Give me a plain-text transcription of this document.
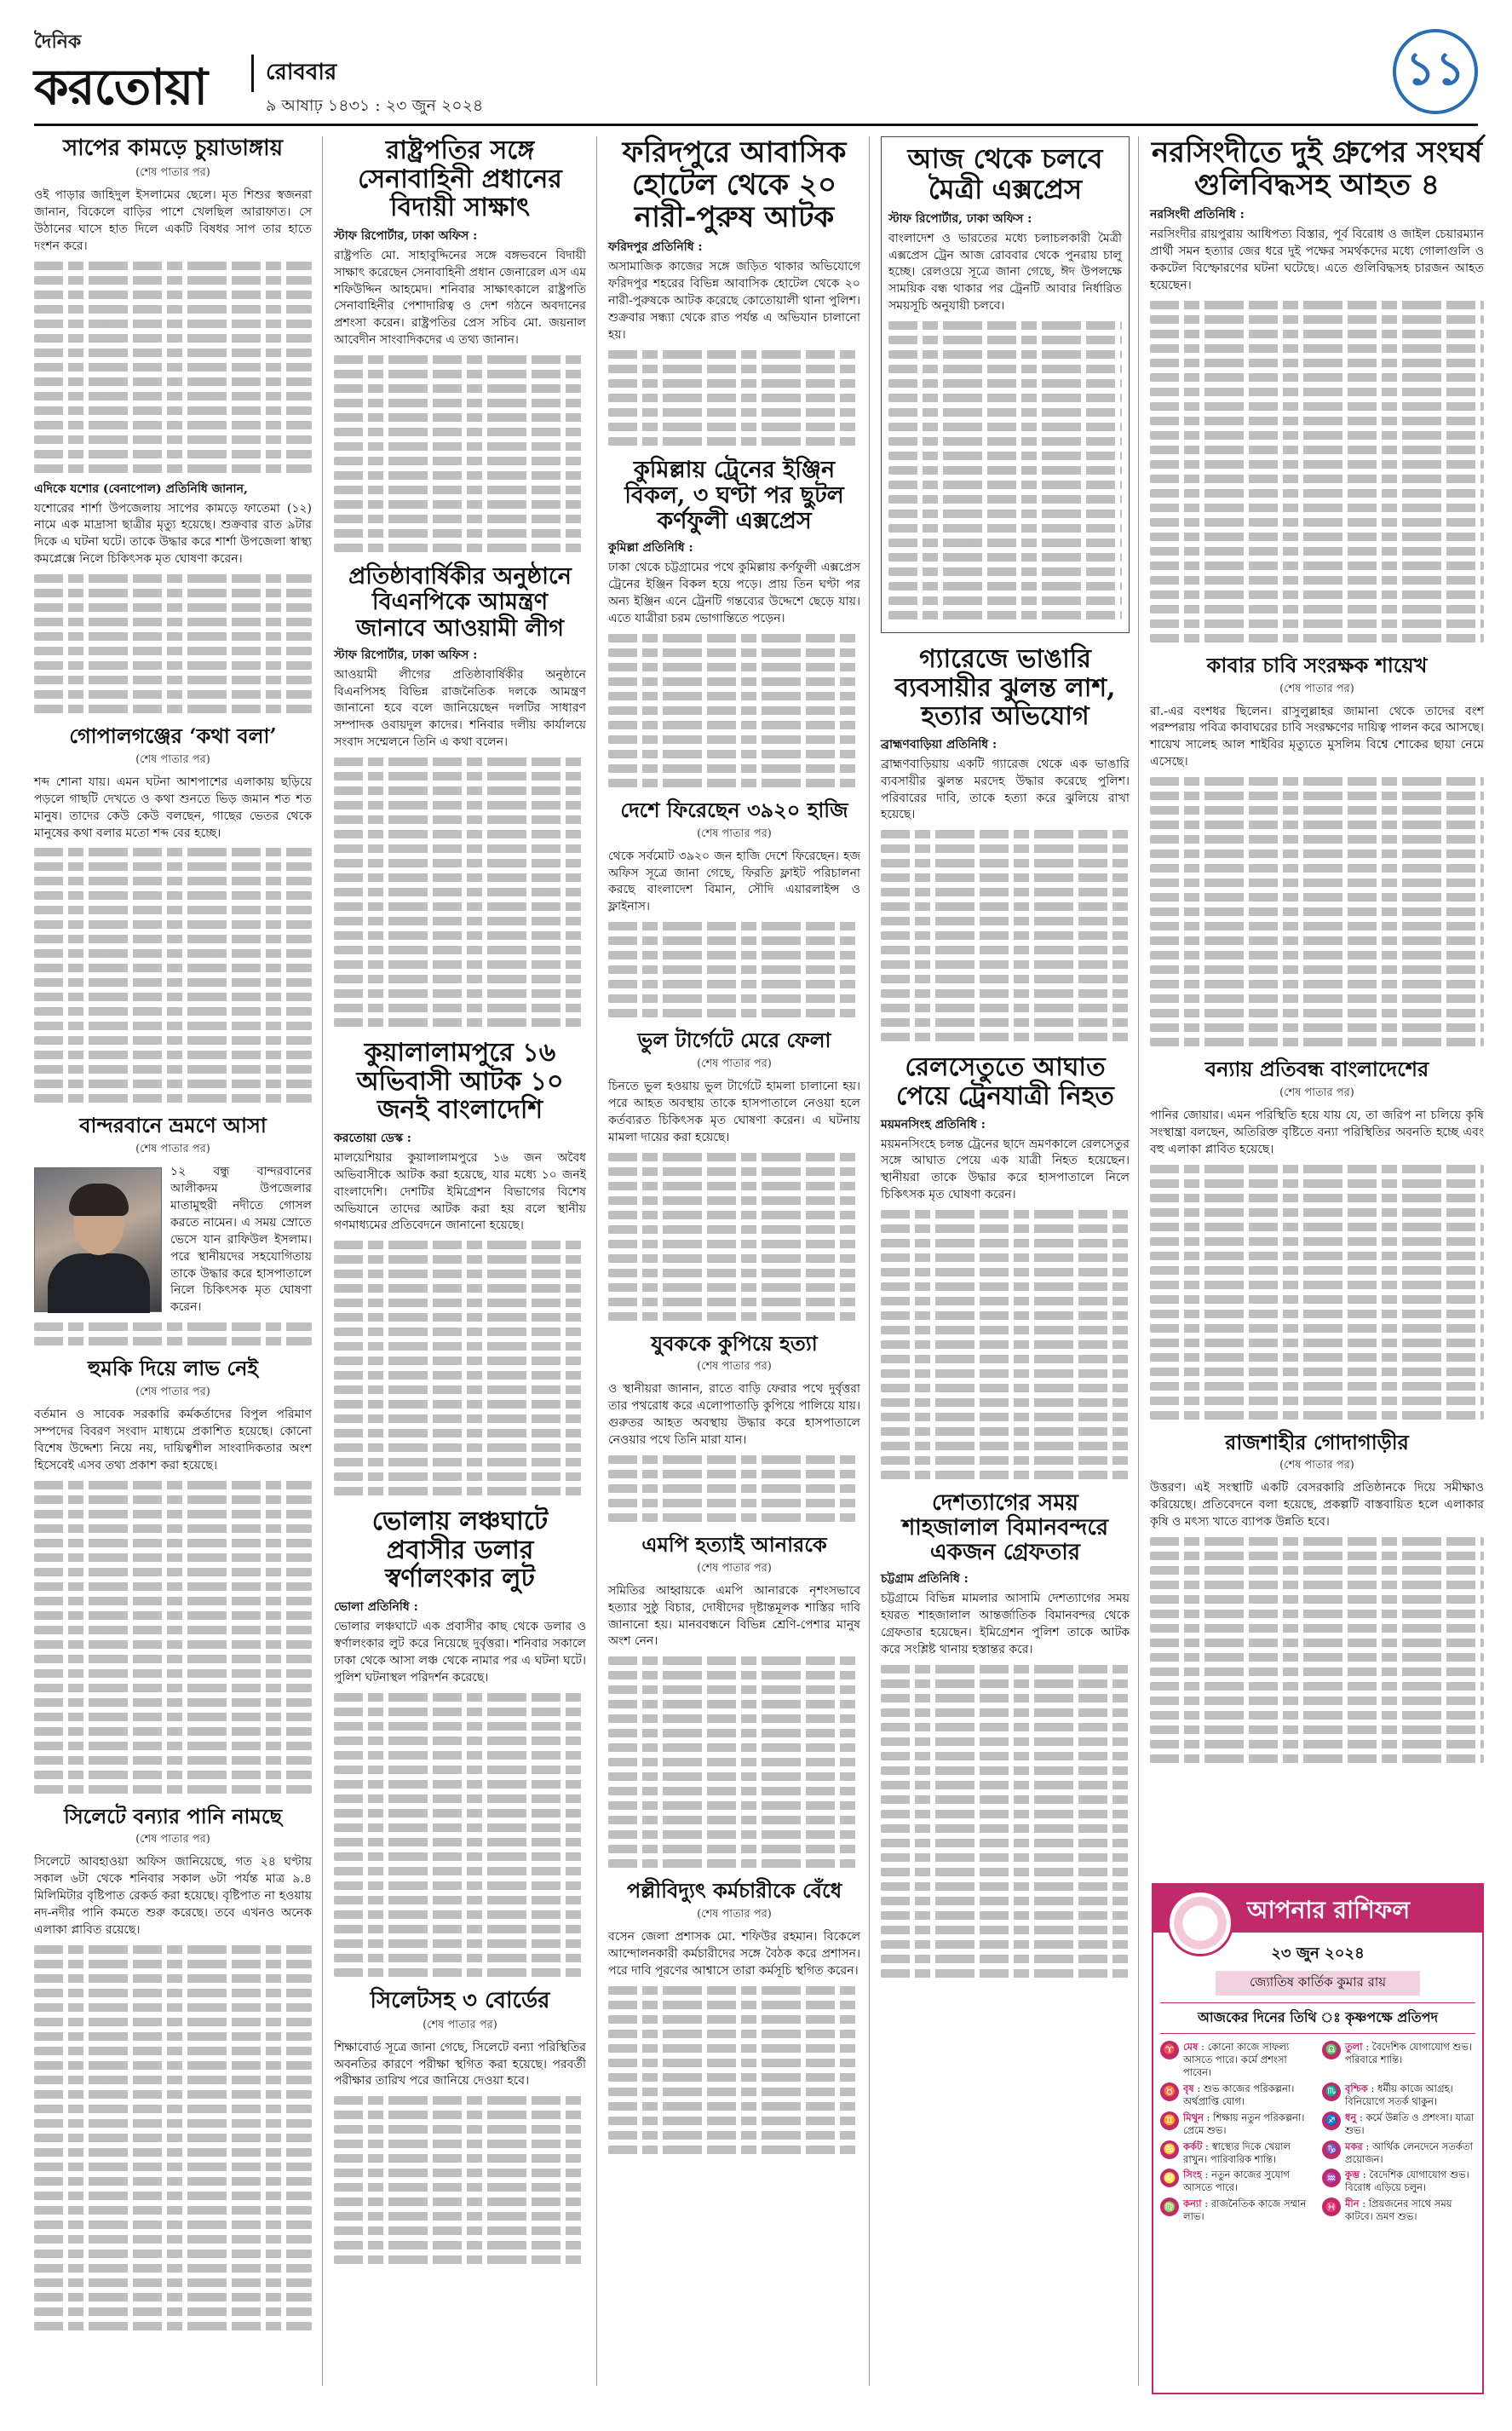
দৈনিক
করতোয়া	রোববার
৯ আষাঢ় ১৪৩১ : ২৩ জুন ২০২৪
১১
সাপের কামড়ে চুয়াডাঙ্গায়
(শেষ পাতার পর)

ওই পাড়ার জাহিদুল ইসলামের ছেলে। মৃত শিশুর স্বজনরা জানান, বিকেলে বাড়ির পাশে খেলছিল আরাফাত। সে উঠানের ঘাসে হাত দিলে একটি বিষধর সাপ তার হাতে দংশন করে।

এদিকে যশোর (বেনাপোল) প্রতিনিধি জানান,

যশোরের শার্শা উপজেলায় সাপের কামড়ে ফাতেমা (১২) নামে এক মাদ্রাসা ছাত্রীর মৃত্যু হয়েছে। শুক্রবার রাত ৯টার দিকে এ ঘটনা ঘটে। তাকে উদ্ধার করে শার্শা উপজেলা স্বাস্থ্য কমপ্লেক্সে নিলে চিকিৎসক মৃত ঘোষণা করেন।

গোপালগঞ্জের ‘কথা বলা’
(শেষ পাতার পর)

শব্দ শোনা যায়। এমন ঘটনা আশপাশের এলাকায় ছড়িয়ে পড়লে গাছটি দেখতে ও কথা শুনতে ভিড় জমান শত শত মানুষ। তাদের কেউ কেউ বলছেন, গাছের ভেতর থেকে মানুষের কথা বলার মতো শব্দ বের হচ্ছে।

বান্দরবানে ভ্রমণে আসা
(শেষ পাতার পর)

১২ বন্ধু বান্দরবানের আলীকদম উপজেলার মাতামুহুরী নদীতে গোসল করতে নামেন। এ সময় স্রোতে ভেসে যান রাফিউল ইসলাম। পরে স্থানীয়দের সহযোগিতায় তাকে উদ্ধার করে হাসপাতালে নিলে চিকিৎসক মৃত ঘোষণা করেন।

হুমকি দিয়ে লাভ নেই
(শেষ পাতার পর)

বর্তমান ও সাবেক সরকারি কর্মকর্তাদের বিপুল পরিমাণ সম্পদের বিবরণ সংবাদ মাধ্যমে প্রকাশিত হয়েছে। কোনো বিশেষ উদ্দেশ্য নিয়ে নয়, দায়িত্বশীল সাংবাদিকতার অংশ হিসেবেই এসব তথ্য প্রকাশ করা হয়েছে।

সিলেটে বন্যার পানি নামছে
(শেষ পাতার পর)

সিলেটে আবহাওয়া অফিস জানিয়েছে, গত ২৪ ঘণ্টায় সকাল ৬টা থেকে শনিবার সকাল ৬টা পর্যন্ত মাত্র ৯.৪ মিলিমিটার বৃষ্টিপাত রেকর্ড করা হয়েছে। বৃষ্টিপাত না হওয়ায় নদ-নদীর পানি কমতে শুরু করেছে। তবে এখনও অনেক এলাকা প্লাবিত রয়েছে।

রাষ্ট্রপতির সঙ্গে সেনাবাহিনী প্রধানের বিদায়ী সাক্ষাৎ
স্টাফ রিপোর্টার, ঢাকা অফিস :

রাষ্ট্রপতি মো. সাহাবুদ্দিনের সঙ্গে বঙ্গভবনে বিদায়ী সাক্ষাৎ করেছেন সেনাবাহিনী প্রধান জেনারেল এস এম শফিউদ্দিন আহমেদ। শনিবার সাক্ষাৎকালে রাষ্ট্রপতি সেনাবাহিনীর পেশাদারিত্ব ও দেশ গঠনে অবদানের প্রশংসা করেন। রাষ্ট্রপতির প্রেস সচিব মো. জয়নাল আবেদীন সাংবাদিকদের এ তথ্য জানান।

প্রতিষ্ঠাবার্ষিকীর অনুষ্ঠানে বিএনপিকে আমন্ত্রণ জানাবে আওয়ামী লীগ
স্টাফ রিপোর্টার, ঢাকা অফিস :

আওয়ামী লীগের প্রতিষ্ঠাবার্ষিকীর অনুষ্ঠানে বিএনপিসহ বিভিন্ন রাজনৈতিক দলকে আমন্ত্রণ জানানো হবে বলে জানিয়েছেন দলটির সাধারণ সম্পাদক ওবায়দুল কাদের। শনিবার দলীয় কার্যালয়ে সংবাদ সম্মেলনে তিনি এ কথা বলেন।

কুয়ালালামপুরে ১৬ অভিবাসী আটক ১০ জনই বাংলাদেশি
করতোয়া ডেস্ক :

মালয়েশিয়ার কুয়ালালামপুরে ১৬ জন অবৈধ অভিবাসীকে আটক করা হয়েছে, যার মধ্যে ১০ জনই বাংলাদেশি। দেশটির ইমিগ্রেশন বিভাগের বিশেষ অভিযানে তাদের আটক করা হয় বলে স্থানীয় গণমাধ্যমের প্রতিবেদনে জানানো হয়েছে।

ভোলায় লঞ্চঘাটে প্রবাসীর ডলার স্বর্ণালংকার লুট
ভোলা প্রতিনিধি :

ভোলার লঞ্চঘাটে এক প্রবাসীর কাছ থেকে ডলার ও স্বর্ণালংকার লুট করে নিয়েছে দুর্বৃত্তরা। শনিবার সকালে ঢাকা থেকে আসা লঞ্চ থেকে নামার পর এ ঘটনা ঘটে। পুলিশ ঘটনাস্থল পরিদর্শন করেছে।

সিলেটসহ ৩ বোর্ডের
(শেষ পাতার পর)

শিক্ষাবোর্ড সূত্রে জানা গেছে, সিলেটে বন্যা পরিস্থিতির অবনতির কারণে পরীক্ষা স্থগিত করা হয়েছে। পরবর্তী পরীক্ষার তারিখ পরে জানিয়ে দেওয়া হবে।

ফরিদপুরে আবাসিক হোটেল থেকে ২০ নারী-পুরুষ আটক
ফরিদপুর প্রতিনিধি :

অসামাজিক কাজের সঙ্গে জড়িত থাকার অভিযোগে ফরিদপুর শহরের বিভিন্ন আবাসিক হোটেল থেকে ২০ নারী-পুরুষকে আটক করেছে কোতোয়ালী থানা পুলিশ। শুক্রবার সন্ধ্যা থেকে রাত পর্যন্ত এ অভিযান চালানো হয়।

কুমিল্লায় ট্রেনের ইঞ্জিন বিকল, ৩ ঘণ্টা পর ছুটল কর্ণফুলী এক্সপ্রেস
কুমিল্লা প্রতিনিধি :

ঢাকা থেকে চট্টগ্রামের পথে কুমিল্লায় কর্ণফুলী এক্সপ্রেস ট্রেনের ইঞ্জিন বিকল হয়ে পড়ে। প্রায় তিন ঘণ্টা পর অন্য ইঞ্জিন এনে ট্রেনটি গন্তব্যের উদ্দেশে ছেড়ে যায়। এতে যাত্রীরা চরম ভোগান্তিতে পড়েন।

দেশে ফিরেছেন ৩৯২০ হাজি
(শেষ পাতার পর)

থেকে সর্বমোট ৩৯২০ জন হাজি দেশে ফিরেছেন। হজ অফিস সূত্রে জানা গেছে, ফিরতি ফ্লাইট পরিচালনা করছে বাংলাদেশ বিমান, সৌদি এয়ারলাইন্স ও ফ্লাইনাস।

ভুল টার্গেটে মেরে ফেলা
(শেষ পাতার পর)

চিনতে ভুল হওয়ায় ভুল টার্গেটে হামলা চালানো হয়। পরে আহত অবস্থায় তাকে হাসপাতালে নেওয়া হলে কর্তব্যরত চিকিৎসক মৃত ঘোষণা করেন। এ ঘটনায় মামলা দায়ের করা হয়েছে।

যুবককে কুপিয়ে হত্যা
(শেষ পাতার পর)

ও স্থানীয়রা জানান, রাতে বাড়ি ফেরার পথে দুর্বৃত্তরা তার পথরোধ করে এলোপাতাড়ি কুপিয়ে পালিয়ে যায়। গুরুতর আহত অবস্থায় উদ্ধার করে হাসপাতালে নেওয়ার পথে তিনি মারা যান।

এমপি হত্যাই আনারকে
(শেষ পাতার পর)

সমিতির আহ্বায়কে এমপি আনারকে নৃশংসভাবে হত্যার সুষ্ঠু বিচার, দোষীদের দৃষ্টান্তমূলক শাস্তির দাবি জানানো হয়। মানববন্ধনে বিভিন্ন শ্রেণি-পেশার মানুষ অংশ নেন।

পল্লীবিদ্যুৎ কর্মচারীকে বেঁধে
(শেষ পাতার পর)

বসেন জেলা প্রশাসক মো. শফিউর রহমান। বিকেলে আন্দোলনকারী কর্মচারীদের সঙ্গে বৈঠক করে প্রশাসন। পরে দাবি পূরণের আশ্বাসে তারা কর্মসূচি স্থগিত করেন।

আজ থেকে চলবে মৈত্রী এক্সপ্রেস
স্টাফ রিপোর্টার, ঢাকা অফিস :

বাংলাদেশ ও ভারতের মধ্যে চলাচলকারী মৈত্রী এক্সপ্রেস ট্রেন আজ রোববার থেকে পুনরায় চালু হচ্ছে। রেলওয়ে সূত্রে জানা গেছে, ঈদ উপলক্ষে সাময়িক বন্ধ থাকার পর ট্রেনটি আবার নির্ধারিত সময়সূচি অনুযায়ী চলবে।

গ্যারেজে ভাঙারি ব্যবসায়ীর ঝুলন্ত লাশ, হত্যার অভিযোগ
ব্রাহ্মণবাড়িয়া প্রতিনিধি :

ব্রাহ্মণবাড়িয়ায় একটি গ্যারেজ থেকে এক ভাঙারি ব্যবসায়ীর ঝুলন্ত মরদেহ উদ্ধার করেছে পুলিশ। পরিবারের দাবি, তাকে হত্যা করে ঝুলিয়ে রাখা হয়েছে।

রেলসেতুতে আঘাত পেয়ে ট্রেনযাত্রী নিহত
ময়মনসিংহ প্রতিনিধি :

ময়মনসিংহে চলন্ত ট্রেনের ছাদে ভ্রমণকালে রেলসেতুর সঙ্গে আঘাত পেয়ে এক যাত্রী নিহত হয়েছেন। স্থানীয়রা তাকে উদ্ধার করে হাসপাতালে নিলে চিকিৎসক মৃত ঘোষণা করেন।

দেশত্যাগের সময় শাহজালাল বিমানবন্দরে একজন গ্রেফতার
চট্টগ্রাম প্রতিনিধি :

চট্টগ্রামে বিভিন্ন মামলার আসামি দেশত্যাগের সময় হযরত শাহজালাল আন্তর্জাতিক বিমানবন্দর থেকে গ্রেফতার হয়েছেন। ইমিগ্রেশন পুলিশ তাকে আটক করে সংশ্লিষ্ট থানায় হস্তান্তর করে।

নরসিংদীতে দুই গ্রুপের সংঘর্ষ গুলিবিদ্ধসহ আহত ৪
নরসিংদী প্রতিনিধি :

নরসিংদীর রায়পুরায় আধিপত্য বিস্তার, পূর্ব বিরোধ ও জাইল চেয়ারম্যান প্রার্থী সমন হত্যার জের ধরে দুই পক্ষের সমর্থকদের মধ্যে গোলাগুলি ও ককটেল বিস্ফোরণের ঘটনা ঘটেছে। এতে গুলিবিদ্ধসহ চারজন আহত হয়েছেন।

কাবার চাবি সংরক্ষক শায়েখ
(শেষ পাতার পর)

রা.-এর বংশধর ছিলেন। রাসুলুল্লাহর জামানা থেকে তাদের বংশ পরম্পরায় পবিত্র কাবাঘরের চাবি সংরক্ষণের দায়িত্ব পালন করে আসছে। শায়েখ সালেহ আল শাইবির মৃত্যুতে মুসলিম বিশ্বে শোকের ছায়া নেমে এসেছে।

বন্যায় প্রতিবন্ধ বাংলাদেশের
(শেষ পাতার পর)

পানির জোয়ার। এমন পরিস্থিতি হয়ে যায় যে, তা জরিপ না চলিয়ে কৃষি সংস্থান্ত্রা বলছেন, অতিরিক্ত বৃষ্টিতে বন্যা পরিস্থিতির অবনতি হচ্ছে এবং বহু এলাকা প্লাবিত হয়েছে।

রাজশাহীর গোদাগাড়ীর
(শেষ পাতার পর)

উত্তরণ। এই সংস্থাটি একটি বেসরকারি প্রতিষ্ঠানকে দিয়ে সমীক্ষাও করিয়েছে। প্রতিবেদনে বলা হয়েছে, প্রকল্পটি বাস্তবায়িত হলে এলাকার কৃষি ও মৎস্য খাতে ব্যাপক উন্নতি হবে।

আপনার রাশিফল
২৩ জুন ২০২৪
জ্যোতিষ কার্তিক কুমার রায়
আজকের দিনের তিথি ঃ কৃষ্ণপক্ষে প্রতিপদ
♈ মেষ : কোনো কাজে সাফল্য আসতে পারে। কর্মে প্রশংসা পাবেন।
♎ তুলা : বৈদেশিক যোগাযোগ শুভ। পরিবারে শান্তি।
♉ বৃষ : শুভ কাজের পরিকল্পনা। অর্থপ্রাপ্তি যোগ।
♏ বৃশ্চিক : ধর্মীয় কাজে আগ্রহ। বিনিয়োগে সতর্ক থাকুন।
♊ মিথুন : শিক্ষায় নতুন পরিকল্পনা। প্রেমে শুভ।
♐ ধনু : কর্মে উন্নতি ও প্রশংসা। যাত্রা শুভ।
♋ কর্কট : স্বাস্থ্যের দিকে খেয়াল রাখুন। পারিবারিক শান্তি।
♑ মকর : আর্থিক লেনদেনে সতর্কতা প্রয়োজন।
♌ সিংহ : নতুন কাজের সুযোগ আসতে পারে।
♒ কুম্ভ : বৈদেশিক যোগাযোগ শুভ। বিরোধ এড়িয়ে চলুন।
♍ কন্যা : রাজনৈতিক কাজে সম্মান লাভ।
♓ মীন : প্রিয়জনের সাথে সময় কাটবে। ভ্রমণ শুভ।
